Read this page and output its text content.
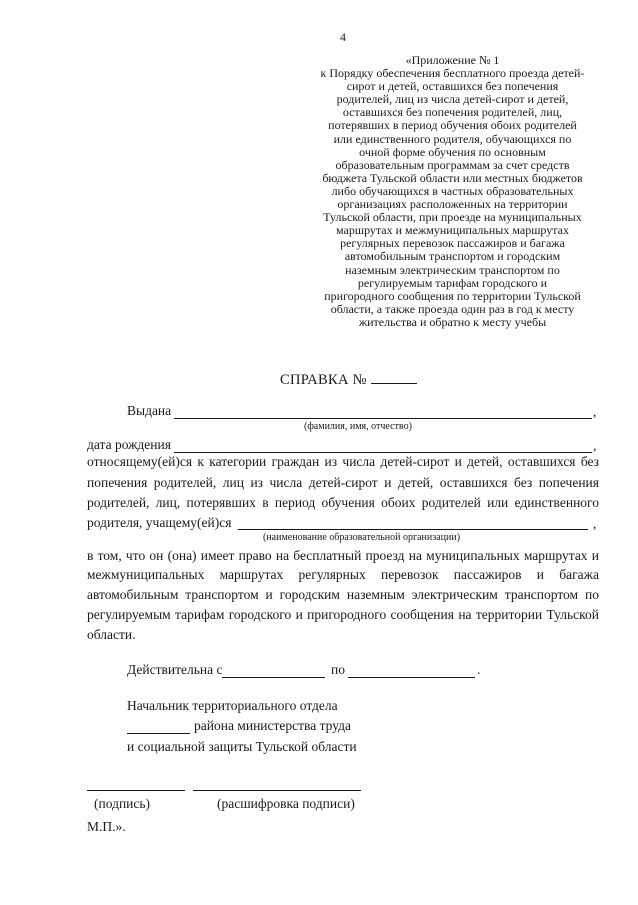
4
«Приложение № 1
к Порядку обеспечения бесплатного проезда детей-
сирот и детей, оставшихся без попечения
родителей, лиц из числа детей-сирот и детей,
оставшихся без попечения родителей, лиц,
потерявших в период обучения обоих родителей
или единственного родителя, обучающихся по
очной форме обучения по основным
образовательным программам за счет средств
бюджета Тульской области или местных бюджетов
либо обучающихся в частных образовательных
организациях расположенных на территории
Тульской области, при проезде на муниципальных
маршрутах и межмуниципальных маршрутах
регулярных перевозок пассажиров и багажа
автомобильным транспортом и городским
наземным электрическим транспортом по
регулируемым тарифам городского и
пригородного сообщения по территории Тульской
области, а также проезда один раз в год к месту
жительства и обратно к месту учебы
СПРАВКА №
Выдана	,
(фамилия, имя, отчество)
дата рождения	,
относящему(ей)ся к категории граждан из числа детей-сирот и детей, оставшихся без
попечения родителей, лиц из числа детей-сирот и детей, оставшихся без попечения
родителей, лиц, потерявших в период обучения обоих родителей или единственного
родителя, учащему(ей)ся	,
(наименование образовательной организации)
в том, что он (она) имеет право на бесплатный проезд на муниципальных маршрутах и
межмуниципальных маршрутах регулярных перевозок пассажиров и багажа
автомобильным транспортом и городским наземным электрическим транспортом по
регулируемым тарифам городского и пригородного сообщения на территории Тульской
области.
Действительна с	по	.
Начальник территориального отдела
района министерства труда
и социальной защиты Тульской области
(подпись)	(расшифровка подписи)
М.П.».
